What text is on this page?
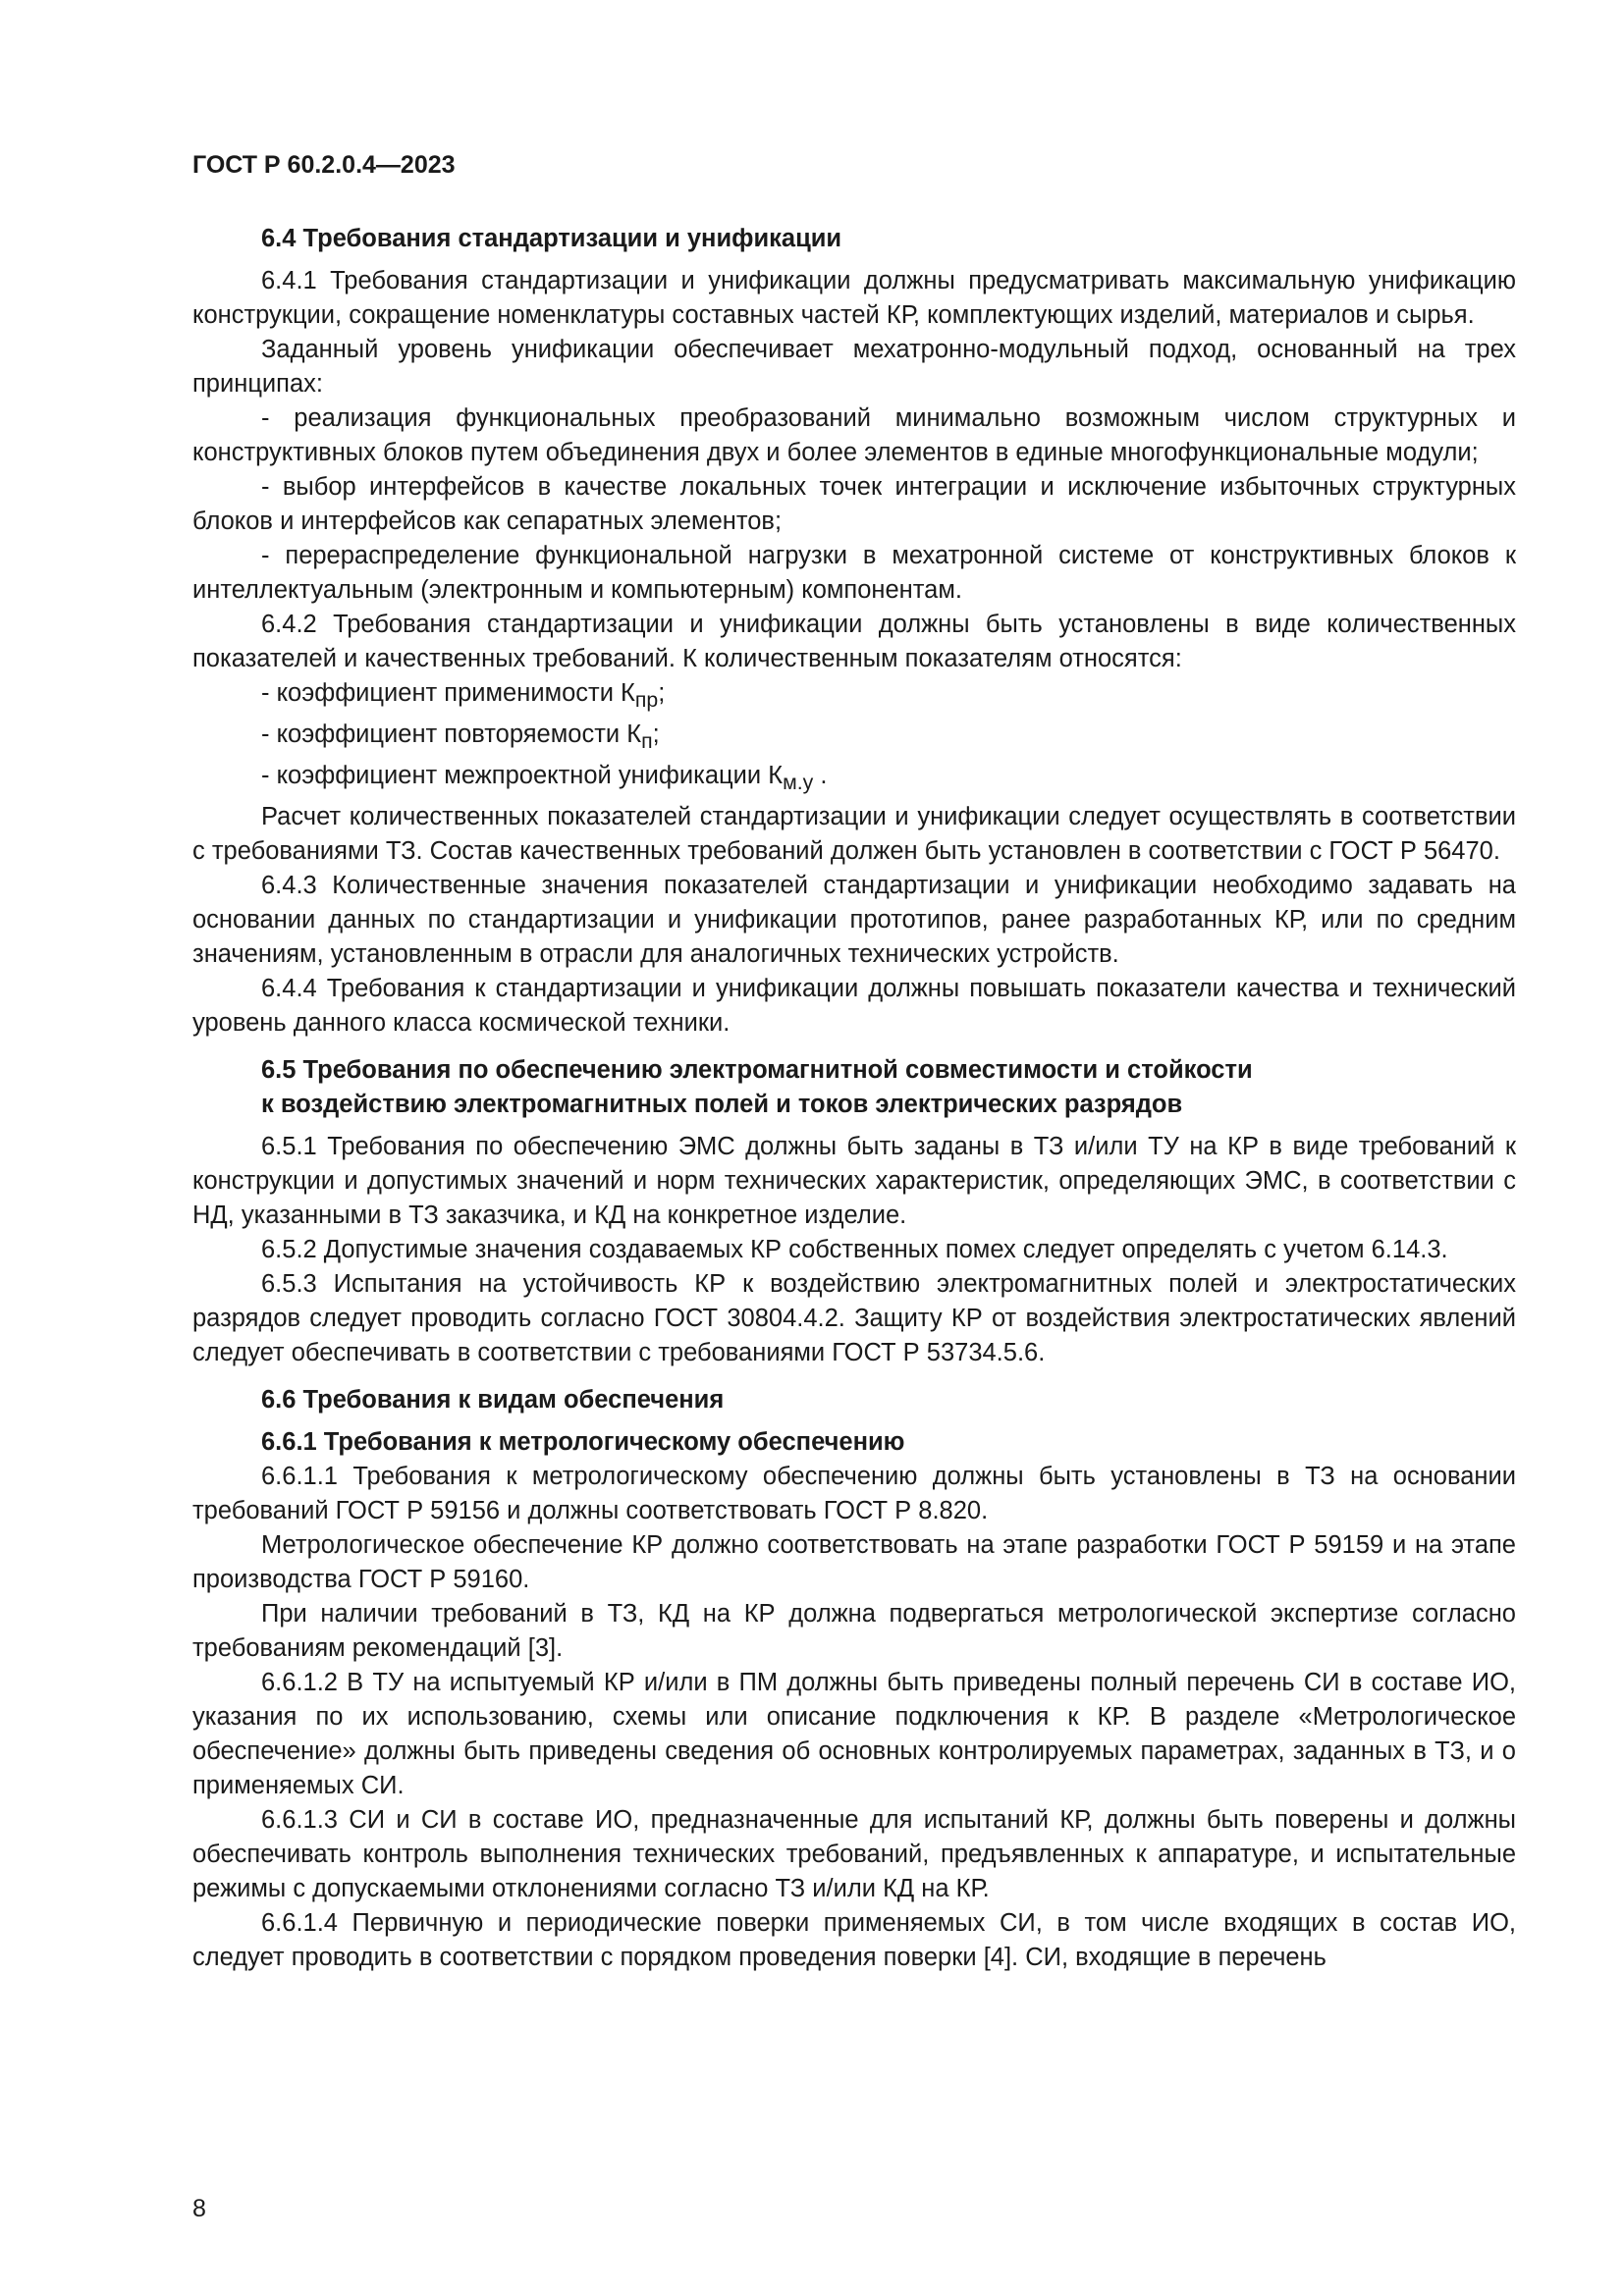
ГОСТ Р 60.2.0.4—2023
6.4 Требования стандартизации и унификации

6.4.1 Требования стандартизации и унификации должны предусматривать максимальную унификацию конструкции, сокращение номенклатуры составных частей КР, комплектующих изделий, материалов и сырья.

Заданный уровень унификации обеспечивает мехатронно-модульный подход, основанный на трех принципах:

- реализация функциональных преобразований минимально возможным числом структурных и конструктивных блоков путем объединения двух и более элементов в единые многофункциональные модули;

- выбор интерфейсов в качестве локальных точек интеграции и исключение избыточных структурных блоков и интерфейсов как сепаратных элементов;

- перераспределение функциональной нагрузки в мехатронной системе от конструктивных блоков к интеллектуальным (электронным и компьютерным) компонентам.

6.4.2 Требования стандартизации и унификации должны быть установлены в виде количественных показателей и качественных требований. К количественным показателям относятся:

- коэффициент применимости $К_{пр}$;

- коэффициент повторяемости $К_п$;

- коэффициент межпроектной унификации $К_{м.у}$ .

Расчет количественных показателей стандартизации и унификации следует осуществлять в соответствии с требованиями ТЗ. Состав качественных требований должен быть установлен в соответствии с ГОСТ Р 56470.

6.4.3 Количественные значения показателей стандартизации и унификации необходимо задавать на основании данных по стандартизации и унификации прототипов, ранее разработанных КР, или по средним значениям, установленным в отрасли для аналогичных технических устройств.

6.4.4 Требования к стандартизации и унификации должны повышать показатели качества и технический уровень данного класса космической техники.

6.5 Требования по обеспечению электромагнитной совместимости и стойкости
к воздействию электромагнитных полей и токов электрических разрядов

6.5.1 Требования по обеспечению ЭМС должны быть заданы в ТЗ и/или ТУ на КР в виде требований к конструкции и допустимых значений и норм технических характеристик, определяющих ЭМС, в соответствии с НД, указанными в ТЗ заказчика, и КД на конкретное изделие.

6.5.2 Допустимые значения создаваемых КР собственных помех следует определять с учетом 6.14.3.

6.5.3 Испытания на устойчивость КР к воздействию электромагнитных полей и электростатических разрядов следует проводить согласно ГОСТ 30804.4.2. Защиту КР от воздействия электростатических явлений следует обеспечивать в соответствии с требованиями ГОСТ Р 53734.5.6.

6.6 Требования к видам обеспечения
6.6.1 Требования к метрологическому обеспечению

6.6.1.1 Требования к метрологическому обеспечению должны быть установлены в ТЗ на основании требований ГОСТ Р 59156 и должны соответствовать ГОСТ Р 8.820.

Метрологическое обеспечение КР должно соответствовать на этапе разработки ГОСТ Р 59159 и на этапе производства ГОСТ Р 59160.

При наличии требований в ТЗ, КД на КР должна подвергаться метрологической экспертизе согласно требованиям рекомендаций [3].

6.6.1.2 В ТУ на испытуемый КР и/или в ПМ должны быть приведены полный перечень СИ в составе ИО, указания по их использованию, схемы или описание подключения к КР. В разделе «Метрологическое обеспечение» должны быть приведены сведения об основных контролируемых параметрах, заданных в ТЗ, и о применяемых СИ.

6.6.1.3 СИ и СИ в составе ИО, предназначенные для испытаний КР, должны быть поверены и должны обеспечивать контроль выполнения технических требований, предъявленных к аппаратуре, и испытательные режимы с допускаемыми отклонениями согласно ТЗ и/или КД на КР.

6.6.1.4 Первичную и периодические поверки применяемых СИ, в том числе входящих в состав ИО, следует проводить в соответствии с порядком проведения поверки [4]. СИ, входящие в перечень

8
